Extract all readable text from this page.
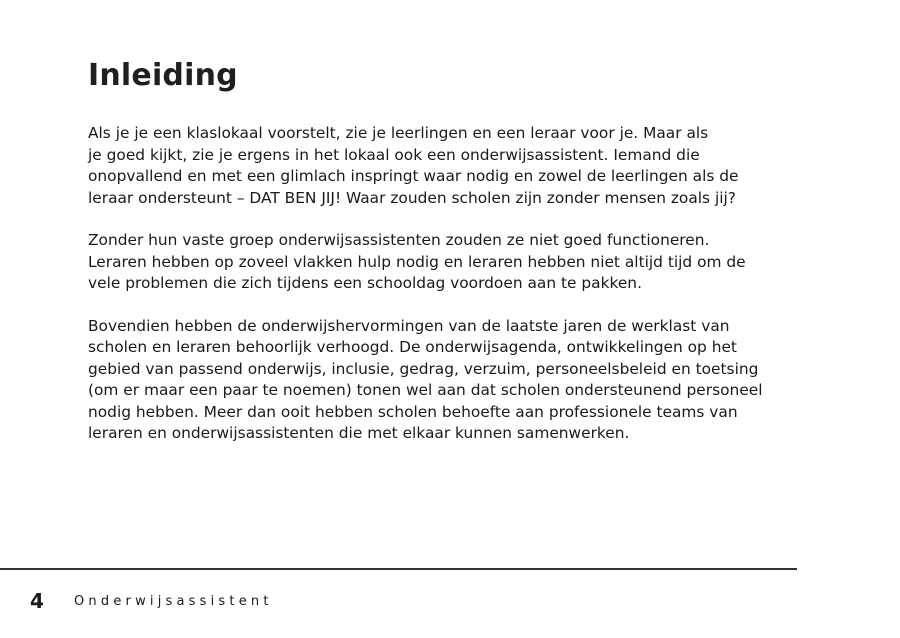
Inleiding

Als je je een klaslokaal voorstelt, zie je leerlingen en een leraar voor je. Maar als
je goed kijkt, zie je ergens in het lokaal ook een onderwijsassistent. Iemand die
onopvallend en met een glimlach inspringt waar nodig en zowel de leerlingen als de
leraar ondersteunt – DAT BEN JIJ! Waar zouden scholen zijn zonder mensen zoals jij?

Zonder hun vaste groep onderwijsassistenten zouden ze niet goed functioneren.
Leraren hebben op zoveel vlakken hulp nodig en leraren hebben niet altijd tijd om de
vele problemen die zich tijdens een schooldag voordoen aan te pakken.

Bovendien hebben de onderwijshervormingen van de laatste jaren de werklast van
scholen en leraren behoorlijk verhoogd. De onderwijsagenda, ontwikkelingen op het
gebied van passend onderwijs, inclusie, gedrag, verzuim, personeelsbeleid en toetsing
(om er maar een paar te noemen) tonen wel aan dat scholen ondersteunend personeel
nodig hebben. Meer dan ooit hebben scholen behoefte aan professionele teams van
leraren en onderwijsassistenten die met elkaar kunnen samenwerken.

4 Onderwijsassistent
